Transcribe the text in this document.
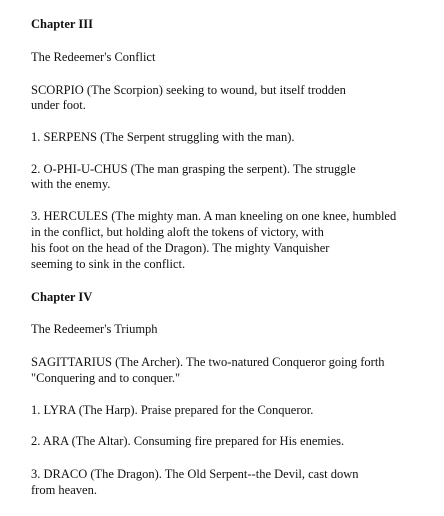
Chapter III
The Redeemer's Conflict
SCORPIO (The Scorpion) seeking to wound, but itself trodden
under foot.
1. SERPENS (The Serpent struggling with the man).
2. O-PHI-U-CHUS (The man grasping the serpent). The struggle
with the enemy.
3. HERCULES (The mighty man. A man kneeling on one knee, humbled
in the conflict, but holding aloft the tokens of victory, with
his foot on the head of the Dragon). The mighty Vanquisher
seeming to sink in the conflict.
Chapter IV
The Redeemer's Triumph
SAGITTARIUS (The Archer). The two-natured Conqueror going forth
"Conquering and to conquer."
1. LYRA (The Harp). Praise prepared for the Conqueror.
2. ARA (The Altar). Consuming fire prepared for His enemies.
3. DRACO (The Dragon). The Old Serpent--the Devil, cast down
from heaven.
